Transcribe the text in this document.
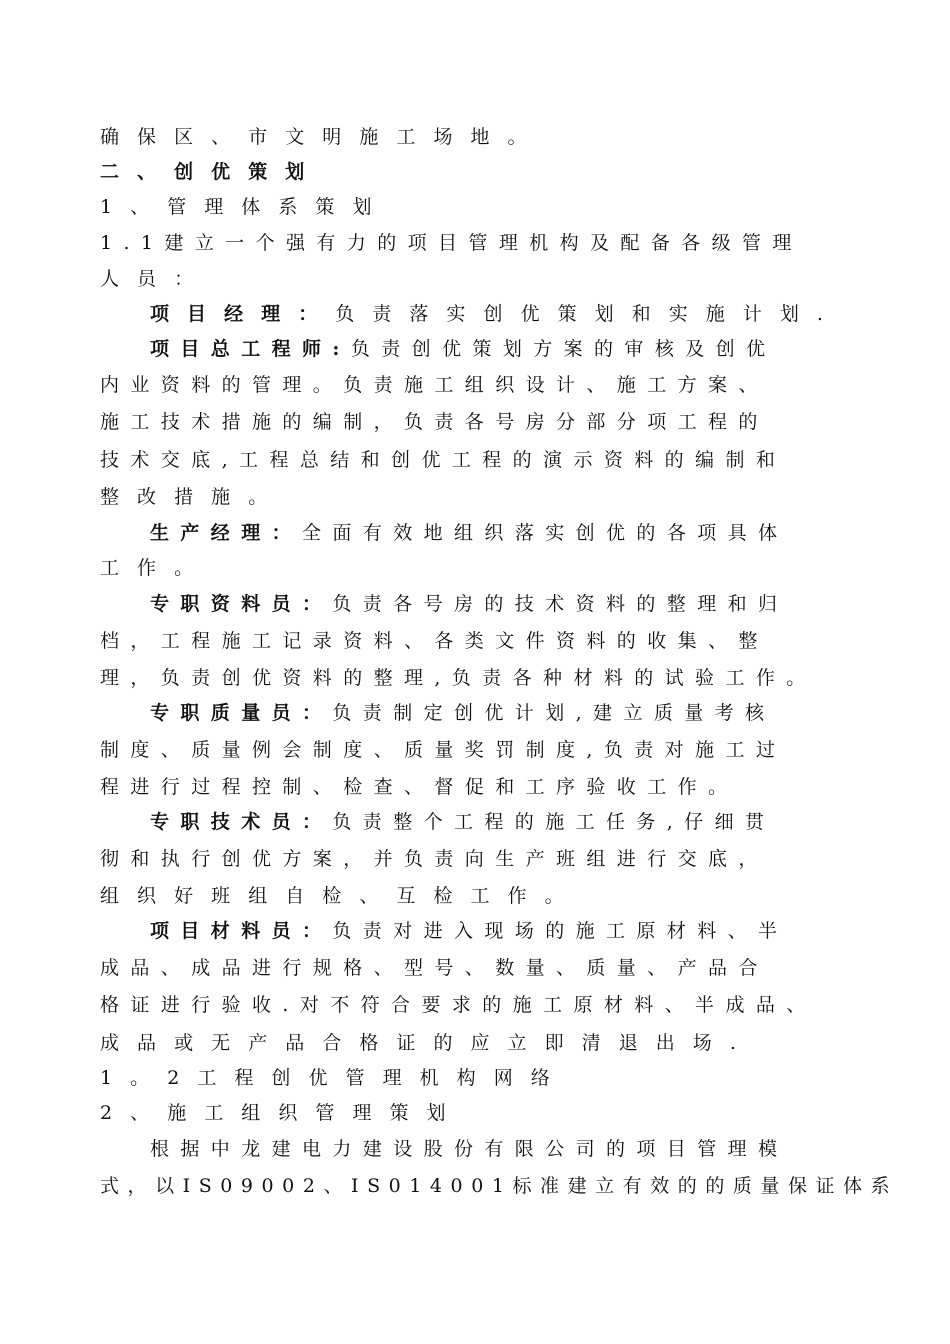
确保区、市文明施工场地。
二、创优策划
1、管理体系策划
1.1建立一个强有力的项目管理机构及配备各级管理
人员：
项目经理：负责落实创优策划和实施计划.
项目总工程师:负责创优策划方案的审核及创优
内业资料的管理。负责施工组织设计、施工方案、
施工技术措施的编制，负责各号房分部分项工程的
技术交底,工程总结和创优工程的演示资料的编制和
整改措施。
生产经理：全面有效地组织落实创优的各项具体
工作。
专职资料员：负责各号房的技术资料的整理和归
档，工程施工记录资料、各类文件资料的收集、整
理，负责创优资料的整理,负责各种材料的试验工作。
专职质量员：负责制定创优计划,建立质量考核
制度、质量例会制度、质量奖罚制度,负责对施工过
程进行过程控制、检查、督促和工序验收工作。
专职技术员：负责整个工程的施工任务,仔细贯
彻和执行创优方案，并负责向生产班组进行交底，
组织好班组自检、互检工作。
项目材料员：负责对进入现场的施工原材料、半
成品、成品进行规格、型号、数量、质量、产品合
格证进行验收.对不符合要求的施工原材料、半成品、
成品或无产品合格证的应立即清退出场.
1。2工程创优管理机构网络
2、施工组织管理策划
根据中龙建电力建设股份有限公司的项目管理模
式，以IS09002、IS014001标准建立有效的的质量保证体系
